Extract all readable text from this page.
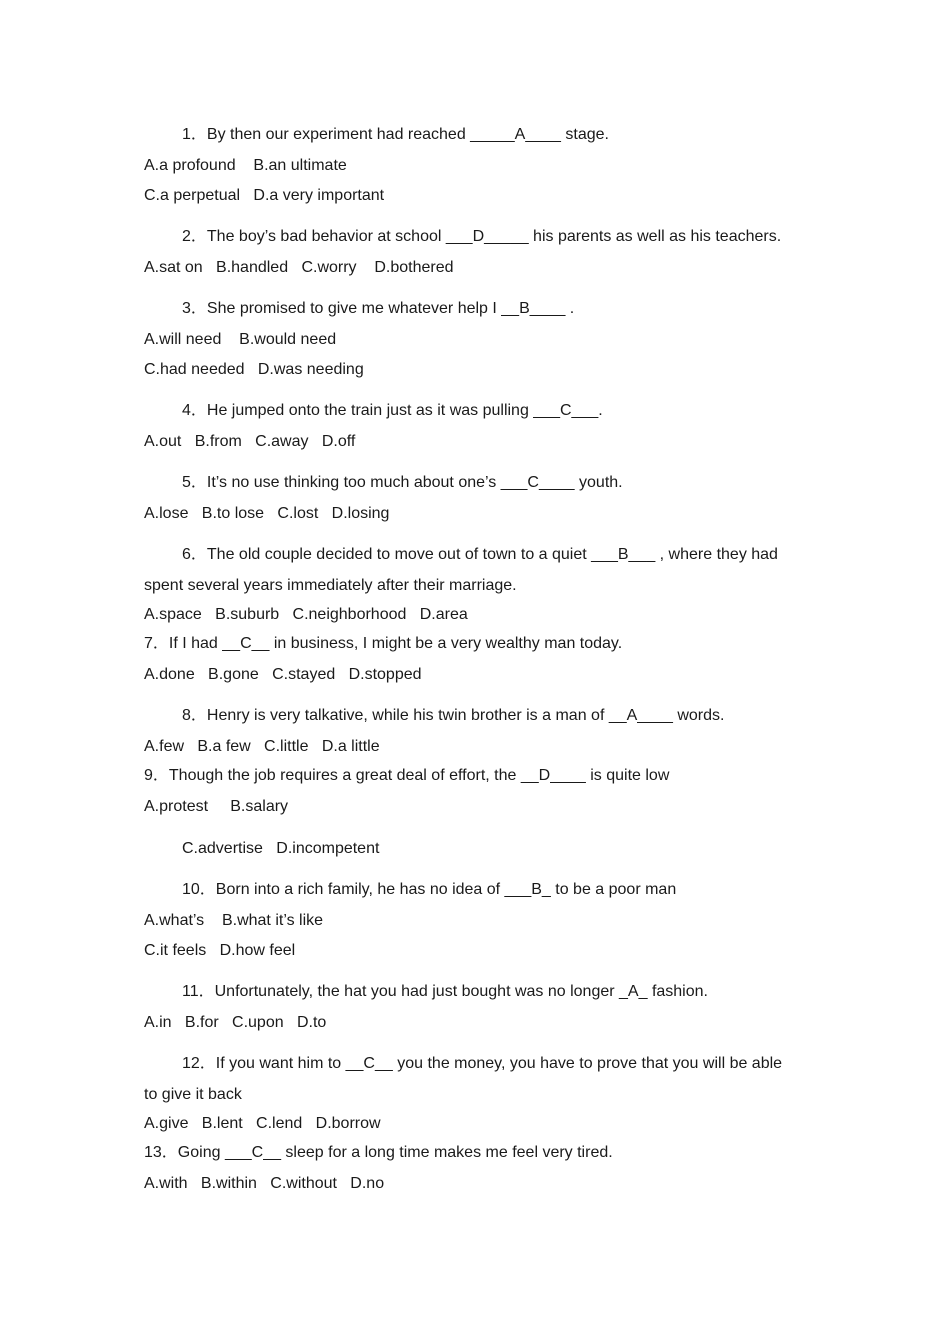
1．By then our experiment had reached _____A____ stage.

A.a profound    B.an ultimate

C.a perpetual   D.a very important

2．The boy’s bad behavior at school ___D_____ his parents as well as his teachers.

A.sat on   B.handled   C.worry    D.bothered

3．She promised to give me whatever help I __B____ .

A.will need    B.would need

C.had needed   D.was needing

4．He jumped onto the train just as it was pulling ___C___.

A.out   B.from   C.away   D.off

5．It’s no use thinking too much about one’s ___C____ youth.

A.lose   B.to lose   C.lost   D.losing

6．The old couple decided to move out of town to a quiet ___B___ , where they had

spent several years immediately after their marriage.

A.space   B.suburb   C.neighborhood   D.area

7．If I had __C__ in business, I might be a very wealthy man today.

A.done   B.gone   C.stayed   D.stopped

8．Henry is very talkative, while his twin brother is a man of __A____ words.

A.few   B.a few   C.little   D.a little

9．Though the job requires a great deal of effort, the __D____ is quite low

A.protest     B.salary

C.advertise   D.incompetent

10．Born into a rich family, he has no idea of ___B_ to be a poor man

A.what’s    B.what it’s like

C.it feels   D.how feel

11．Unfortunately, the hat you had just bought was no longer _A_ fashion.

A.in   B.for   C.upon   D.to

12．If you want him to __C__ you the money, you have to prove that you will be able

to give it back

A.give   B.lent   C.lend   D.borrow

13．Going ___C__ sleep for a long time makes me feel very tired.

A.with   B.within   C.without   D.no
